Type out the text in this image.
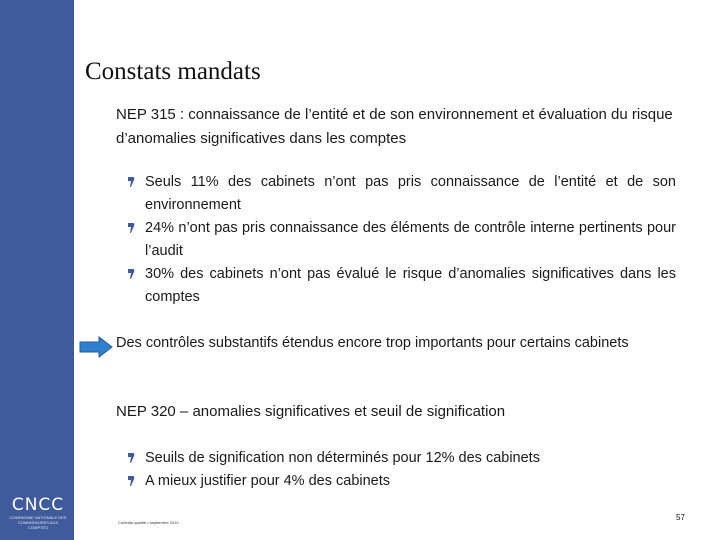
CNCC
COMPAGNIE NATIONALE DES COMMISSAIRES AUX COMPTES
Constats mandats

NEP 315 : connaissance de l’entité et de son environnement et évaluation du risque d’anomalies significatives dans les comptes

Seuls 11% des cabinets n’ont pas pris connaissance de l’entité et de son environnement
24% n’ont pas pris connaissance des éléments de contrôle interne pertinents pour l’audit
30% des cabinets n’ont pas évalué le risque d’anomalies significatives dans les comptes

Des contrôles substantifs étendus encore trop importants pour certains cabinets

NEP 320 – anomalies significatives et seuil de signification

Seuils de signification non déterminés pour 12% des cabinets
A mieux justifier pour 4% des cabinets
Contrôle qualité • septembre 2010
57
